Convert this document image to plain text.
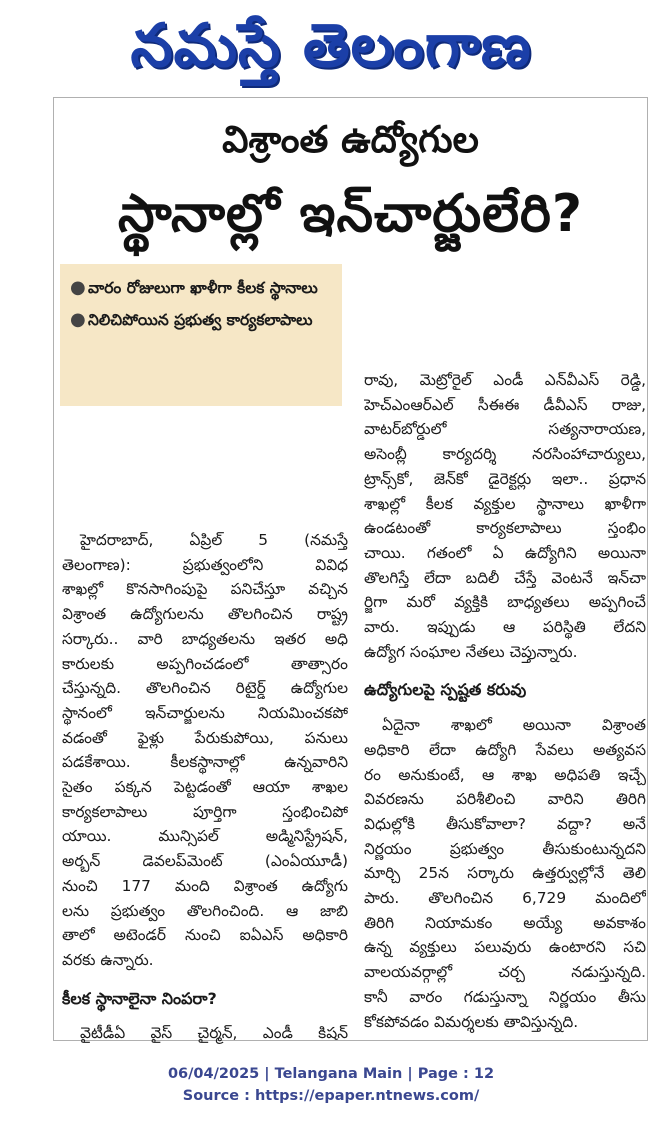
నమస్తే తెలంగాణ
విశ్రాంత ఉద్యోగుల
స్థానాల్లో ఇన్‌చార్జులేరి?
● వారం రోజులుగా ఖాళీగా కీలక స్థానాలు
● నిలిచిపోయిన ప్రభుత్వ కార్యకలాపాలు
హైదరాబాద్, ఏప్రిల్ 5 (నమస్తే
తెలంగాణ): ప్రభుత్వంలోని వివిధ
శాఖల్లో కొనసాగింపుపై పనిచేస్తూ వచ్చిన
విశ్రాంత ఉద్యోగులను తొలగించిన రాష్ట్ర
సర్కారు.. వారి బాధ్యతలను ఇతర అధి
కారులకు అప్పగించడంలో తాత్సారం
చేస్తున్నది. తొలగించిన రిటైర్డ్ ఉద్యోగుల
స్థానంలో ఇన్‌చార్జులను నియమించకపో
వడంతో ఫైళ్లు పేరుకుపోయి, పనులు
పడకేశాయి. కీలకస్థానాల్లో ఉన్నవారిని
సైతం పక్కన పెట్టడంతో ఆయా శాఖల
కార్యకలాపాలు పూర్తిగా స్తంభించిపో
యాయి. మున్సిపల్ అడ్మినిస్ట్రేషన్,
అర్బన్ డెవలప్‌మెంట్ (ఎంఏయూడీ)
నుంచి 177 మంది విశ్రాంత ఉద్యోగు
లను ప్రభుత్వం తొలగించింది. ఆ జాబి
తాలో అటెండర్ నుంచి ఐఏఎస్ అధికారి
వరకు ఉన్నారు.
కీలక స్థానాలైనా నింపరా?
వైటీడీఏ వైస్ చైర్మన్, ఎండీ కిషన్
రావు, మెట్రోరైల్ ఎండీ ఎన్‌వీఎస్ రెడ్డి,
హెచ్ఎంఆర్ఎల్ సీఈఈ డీవీఎస్ రాజు,
వాటర్‌బోర్డులో సత్యనారాయణ,
అసెంబ్లీ కార్యదర్శి నరసింహాచార్యులు,
ట్రాన్స్‌కో, జెన్‌కో డైరెక్టర్లు ఇలా.. ప్రధాన
శాఖల్లో కీలక వ్యక్తుల స్థానాలు ఖాళీగా
ఉండటంతో కార్యకలాపాలు స్తంభిం
చాయి. గతంలో ఏ ఉద్యోగిని అయినా
తొలగిస్తే లేదా బదిలీ చేస్తే వెంటనే ఇన్‌చా
ర్జిగా మరో వ్యక్తికి బాధ్యతలు అప్పగించే
వారు. ఇప్పుడు ఆ పరిస్థితి లేదని
ఉద్యోగ సంఘాల నేతలు చెప్తున్నారు.
ఉద్యోగులపై స్పష్టత కరువు
ఏదైనా శాఖలో అయినా విశ్రాంత
అధికారి లేదా ఉద్యోగి సేవలు అత్యవస
రం అనుకుంటే, ఆ శాఖ అధిపతి ఇచ్చే
వివరణను పరిశీలించి వారిని తిరిగి
విధుల్లోకి తీసుకోవాలా? వద్దా? అనే
నిర్ణయం ప్రభుత్వం తీసుకుంటున్నదని
మార్చి 25న సర్కారు ఉత్తర్వుల్లోనే తెలి
పారు. తొలగించిన 6,729 మందిలో
తిరిగి నియామకం అయ్యే అవకాశం
ఉన్న వ్యక్తులు పలువురు ఉంటారని సచి
వాలయవర్గాల్లో చర్చ నడుస్తున్నది.
కానీ వారం గడుస్తున్నా నిర్ణయం తీసు
కోకపోవడం విమర్శలకు తావిస్తున్నది.
06/04/2025 | Telangana Main | Page : 12
Source : https://epaper.ntnews.com/
